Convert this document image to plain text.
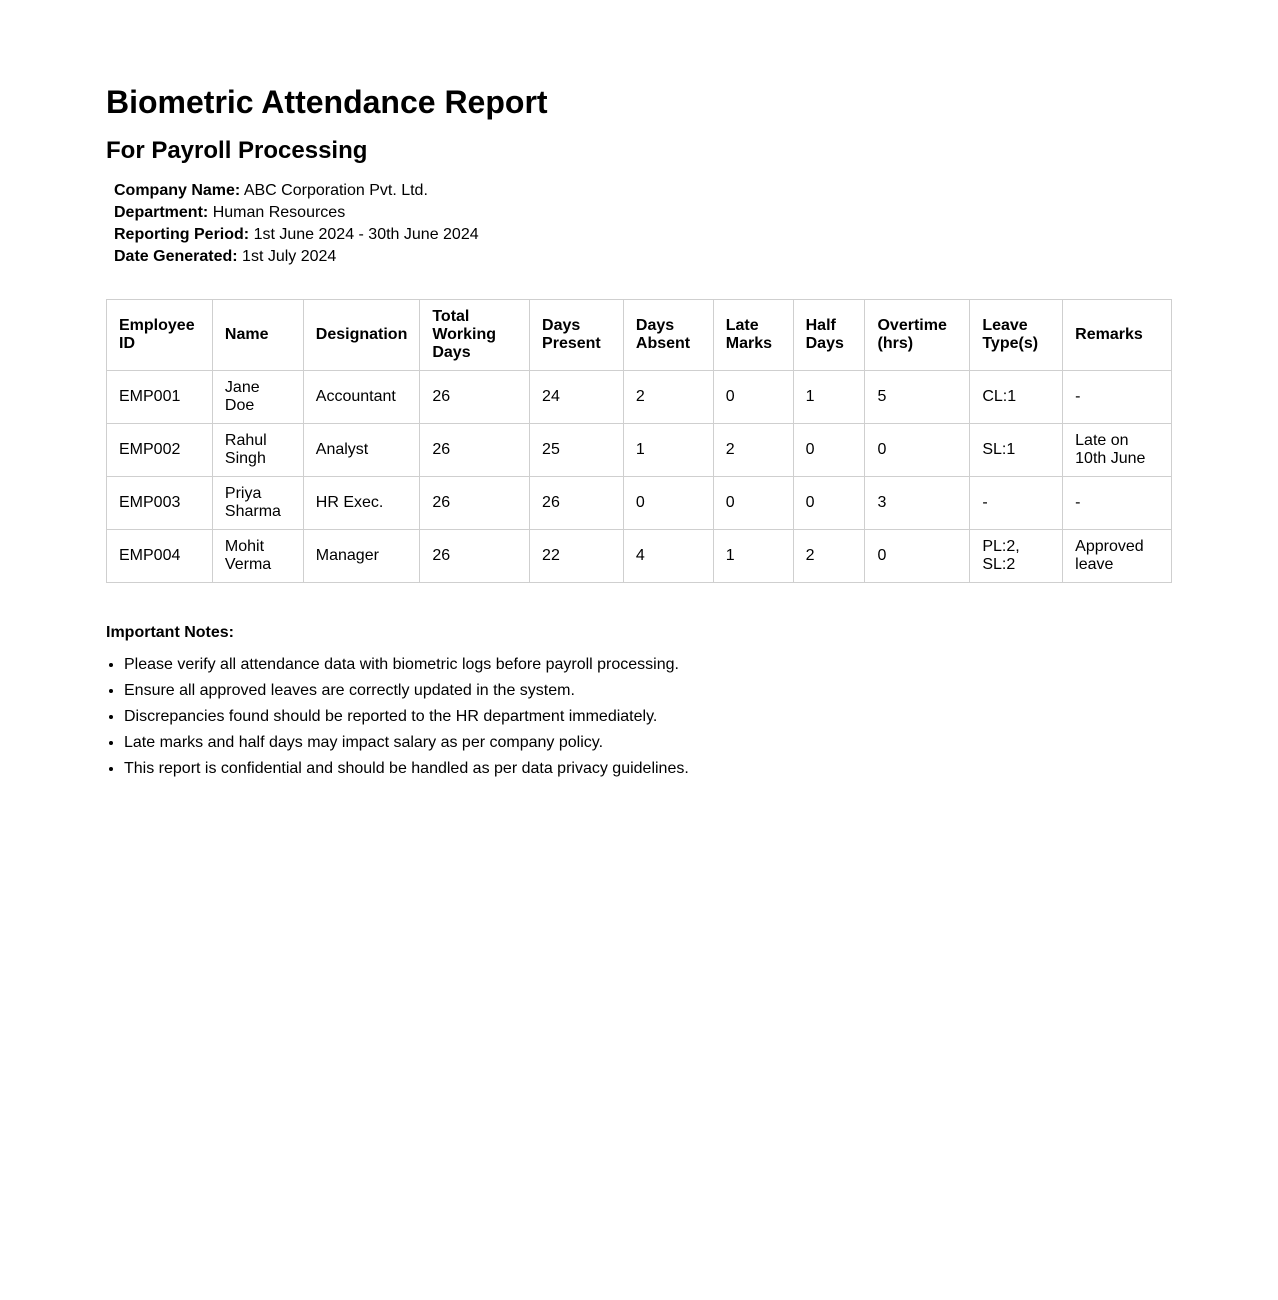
Biometric Attendance Report
For Payroll Processing
Company Name: ABC Corporation Pvt. Ltd.
Department: Human Resources
Reporting Period: 1st June 2024 - 30th June 2024
Date Generated: 1st July 2024
Employee ID	Name	Designation	Total Working Days	Days Present	Days Absent	Late Marks	Half Days	Overtime (hrs)	Leave Type(s)	Remarks
EMP001	Jane Doe	Accountant	26	24	2	0	1	5	CL:1	-
EMP002	Rahul Singh	Analyst	26	25	1	2	0	0	SL:1	Late on 10th June
EMP003	Priya Sharma	HR Exec.	26	26	0	0	0	3	-	-
EMP004	Mohit Verma	Manager	26	22	4	1	2	0	PL:2, SL:2	Approved leave
Important Notes:
• Please verify all attendance data with biometric logs before payroll processing.
• Ensure all approved leaves are correctly updated in the system.
• Discrepancies found should be reported to the HR department immediately.
• Late marks and half days may impact salary as per company policy.
• This report is confidential and should be handled as per data privacy guidelines.
